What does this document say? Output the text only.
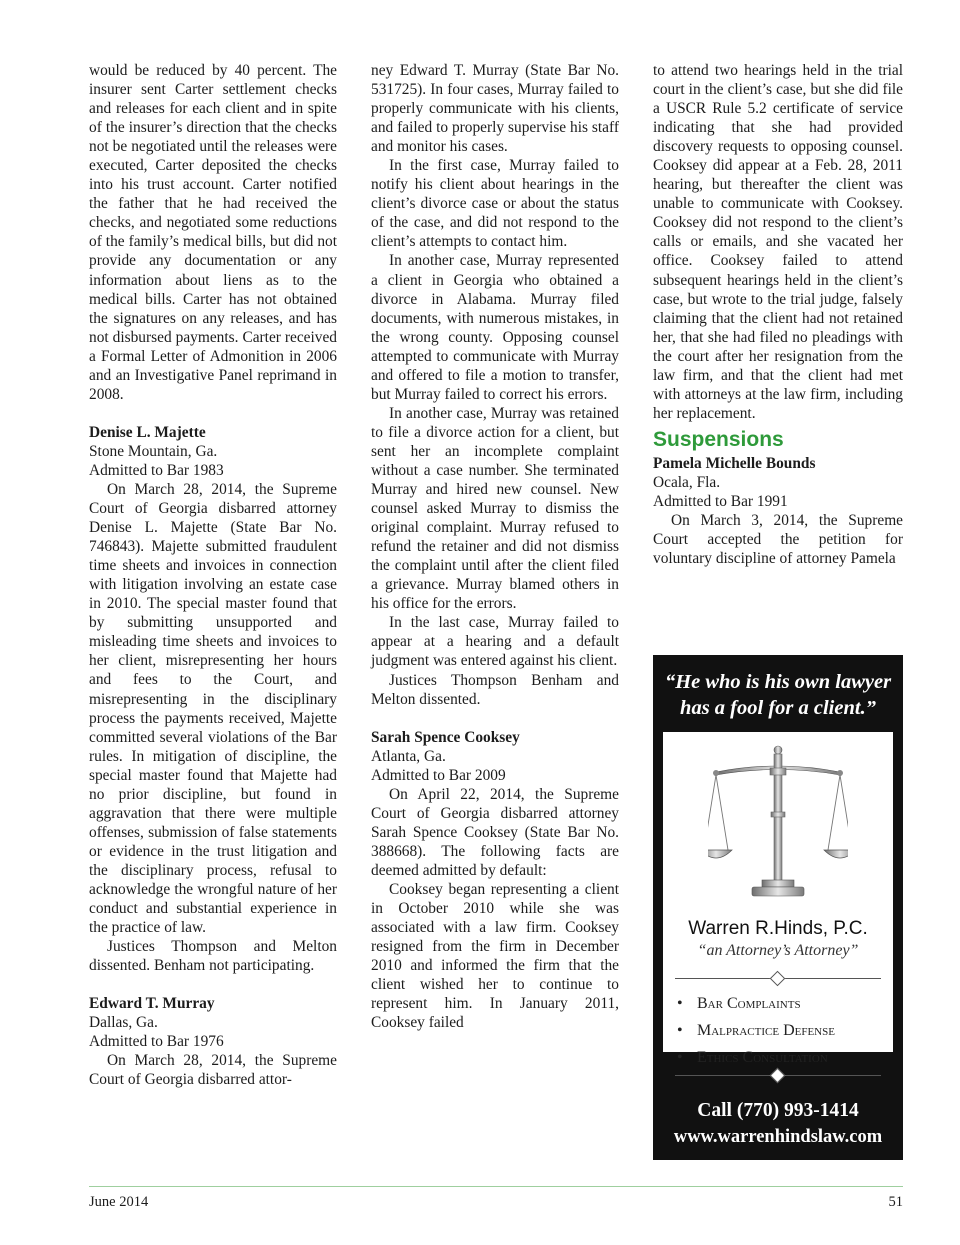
would be reduced by 40 percent. The insurer sent Carter settlement checks and releases for each client and in spite of the insurer’s direction that the checks not be negotiated until the releases were executed, Carter deposited the checks into his trust account. Carter notified the father that he had received the checks, and negotiated some reductions of the family’s medical bills, but did not provide any documentation or any information about liens as to the medical bills. Carter has not obtained the signatures on any releases, and has not disbursed payments. Carter received a Formal Letter of Admonition in 2006 and an Investigative Panel reprimand in 2008.

Denise L. Majette
Stone Mountain, Ga.
Admitted to Bar 1983

On March 28, 2014, the Supreme Court of Georgia disbarred attorney Denise L. Majette (State Bar No. 746843). Majette submitted fraudulent time sheets and invoices in connection with litigation involving an estate case in 2010. The special master found that by submitting unsupported and misleading time sheets and invoices to her client, misrepresenting her hours and fees to the Court, and misrepresenting in the disciplinary process the payments received, Majette committed several violations of the Bar rules. In mitigation of discipline, the special master found that Majette had no prior discipline, but found in aggravation that there were multiple offenses, submission of false statements or evidence in the trust litigation and the disciplinary process, refusal to acknowledge the wrongful nature of her conduct and substantial experience in the practice of law.

Justices Thompson and Melton dissented. Benham not participating.

Edward T. Murray
Dallas, Ga.
Admitted to Bar 1976

On March 28, 2014, the Supreme Court of Georgia disbarred attor-

ney Edward T. Murray (State Bar No. 531725). In four cases, Murray failed to properly communicate with his clients, and failed to properly supervise his staff and monitor his cases.

In the first case, Murray failed to notify his client about hearings in the client’s divorce case or about the status of the case, and did not respond to the client’s attempts to contact him.

In another case, Murray represented a client in Georgia who obtained a divorce in Alabama. Murray filed documents, with numerous mistakes, in the wrong county. Opposing counsel attempted to communicate with Murray and offered to file a motion to transfer, but Murray failed to correct his errors.

In another case, Murray was retained to file a divorce action for a client, but sent her an incomplete complaint without a case number. She terminated Murray and hired new counsel. New counsel asked Murray to dismiss the original complaint. Murray refused to refund the retainer and did not dismiss the complaint until after the client filed a grievance. Murray blamed others in his office for the errors.

In the last case, Murray failed to appear at a hearing and a default judgment was entered against his client.

Justices Thompson Benham and Melton dissented.

Sarah Spence Cooksey
Atlanta, Ga.
Admitted to Bar 2009

On April 22, 2014, the Supreme Court of Georgia disbarred attorney Sarah Spence Cooksey (State Bar No. 388668). The following facts are deemed admitted by default:

Cooksey began representing a client in October 2010 while she was associated with a law firm. Cooksey resigned from the firm in December 2010 and informed the firm that the client wished her to continue to represent him. In January 2011, Cooksey failed

to attend two hearings held in the trial court in the client’s case, but she did file a USCR Rule 5.2 certificate of service indicating that she had provided discovery requests to opposing counsel. Cooksey did appear at a Feb. 28, 2011 hearing, but thereafter the client was unable to communicate with Cooksey. Cooksey did not respond to the client’s calls or emails, and she vacated her office. Cooksey failed to attend subsequent hearings held in the client’s case, but wrote to the trial judge, falsely claiming that the client had not retained her, that she had filed no pleadings with the court after her resignation from the law firm, and that the client had met with attorneys at the law firm, including her replacement.

Suspensions
Pamela Michelle Bounds
Ocala, Fla.
Admitted to Bar 1991

On March 3, 2014, the Supreme Court accepted the petition for voluntary discipline of attorney Pamela

“He who is his own lawyer
has a fool for a client.”
Warren R.Hinds, P.C.
“an Attorney’s Attorney”
• Bar Complaints
• Malpractice Defense
• Ethics Consultation
Call (770) 993-1414
www.warrenhindslaw.com
June 2014	51
